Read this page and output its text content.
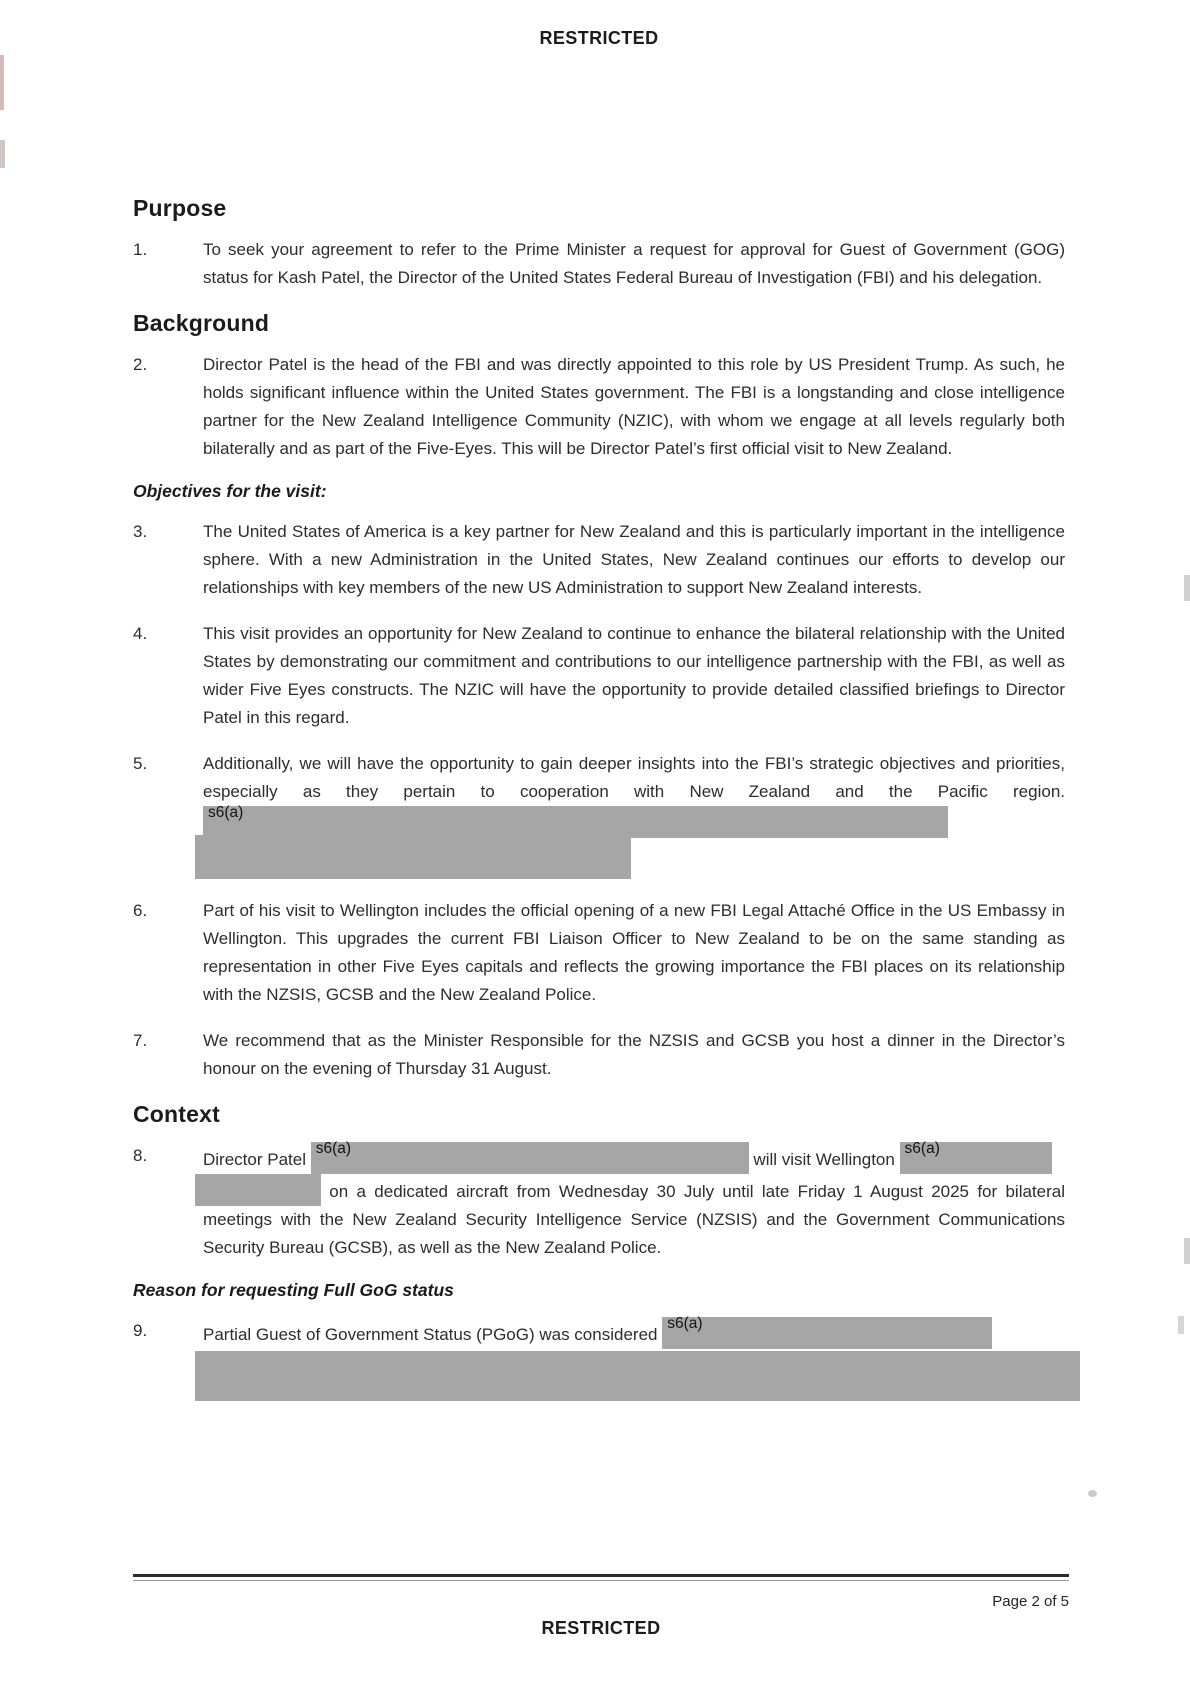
RESTRICTED
Purpose
1.	To seek your agreement to refer to the Prime Minister a request for approval for Guest of Government (GOG) status for Kash Patel, the Director of the United States Federal Bureau of Investigation (FBI) and his delegation.
Background
2.	Director Patel is the head of the FBI and was directly appointed to this role by US President Trump. As such, he holds significant influence within the United States government. The FBI is a longstanding and close intelligence partner for the New Zealand Intelligence Community (NZIC), with whom we engage at all levels regularly both bilaterally and as part of the Five-Eyes. This will be Director Patel’s first official visit to New Zealand.
Objectives for the visit:
3.	The United States of America is a key partner for New Zealand and this is particularly important in the intelligence sphere. With a new Administration in the United States, New Zealand continues our efforts to develop our relationships with key members of the new US Administration to support New Zealand interests.
4.	This visit provides an opportunity for New Zealand to continue to enhance the bilateral relationship with the United States by demonstrating our commitment and contributions to our intelligence partnership with the FBI, as well as wider Five Eyes constructs. The NZIC will have the opportunity to provide detailed classified briefings to Director Patel in this regard.
5.	Additionally, we will have the opportunity to gain deeper insights into the FBI’s strategic objectives and priorities, especially as they pertain to cooperation with New Zealand and the Pacific region.
s6(a)
6.	Part of his visit to Wellington includes the official opening of a new FBI Legal Attaché Office in the US Embassy in Wellington. This upgrades the current FBI Liaison Officer to New Zealand to be on the same standing as representation in other Five Eyes capitals and reflects the growing importance the FBI places on its relationship with the NZSIS, GCSB and the New Zealand Police.
7.	We recommend that as the Minister Responsible for the NZSIS and GCSB you host a dinner in the Director’s honour on the evening of Thursday 31 August.
Context
8.	Director Patel
s6(a)
will visit Wellington
s6(a)

on a dedicated aircraft from Wednesday 30 July until late Friday 1 August 2025 for bilateral meetings with the New Zealand Security Intelligence Service (NZSIS) and the Government Communications Security Bureau (GCSB), as well as the New Zealand Police.
Reason for requesting Full GoG status
9.	Partial Guest of Government Status (PGoG) was considered
s6(a)
Page 2 of 5
RESTRICTED
